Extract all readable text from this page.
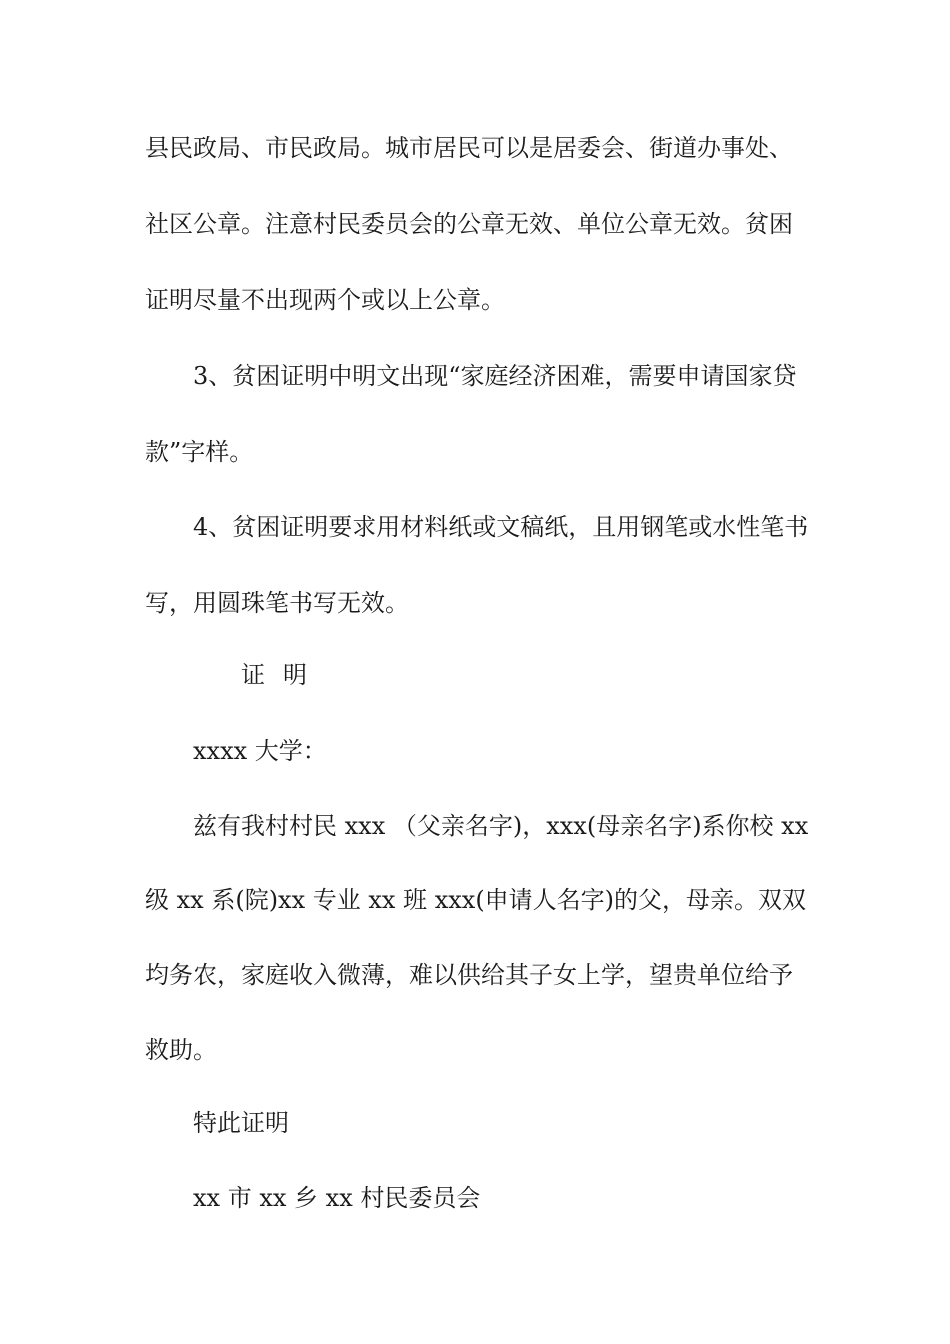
县民政局、市民政局。城市居民可以是居委会、街道办事处、

社区公章。注意村民委员会的公章无效、单位公章无效。贫困

证明尽量不出现两个或以上公章。

3、贫困证明中明文出现“家庭经济困难，需要申请国家贷

款”字样。

4、贫困证明要求用材料纸或文稿纸，且用钢笔或水性笔书

写，用圆珠笔书写无效。

证 明

xxxx 大学：

兹有我村村民 xxx （父亲名字)，xxx(母亲名字)系你校 xx

级 xx 系(院)xx 专业 xx 班 xxx(申请人名字)的父，母亲。双双

均务农，家庭收入微薄，难以供给其子女上学，望贵单位给予

救助。

特此证明

xx 市 xx 乡 xx 村民委员会
